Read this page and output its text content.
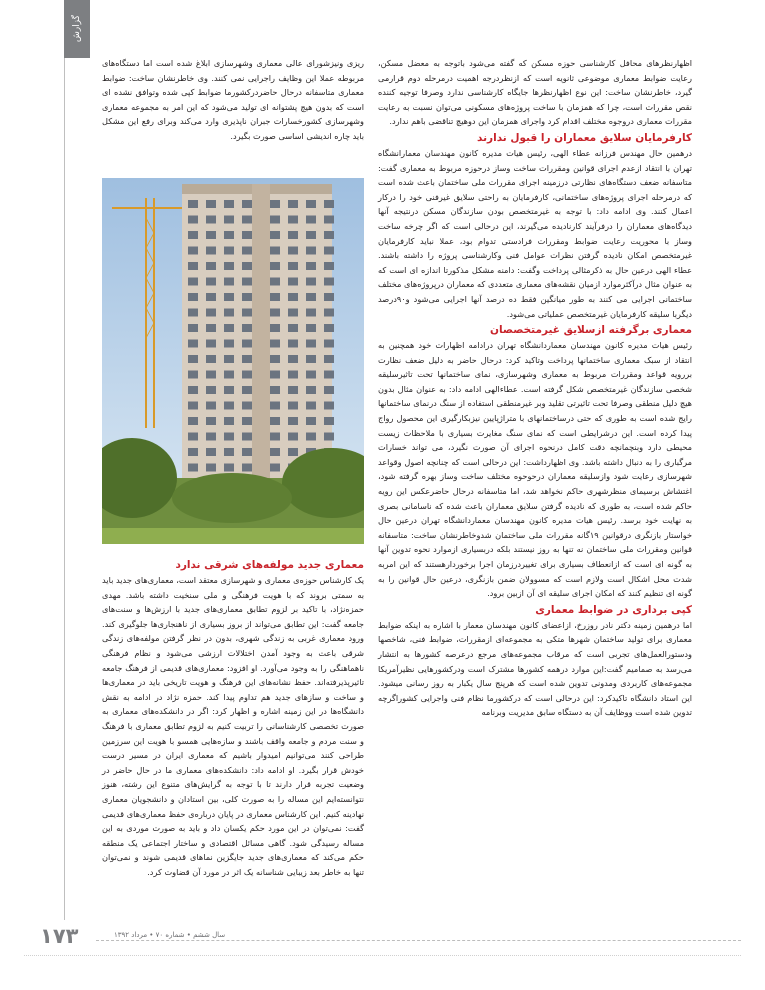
گزارش

اظهارنظرهای محافل کارشناسی حوزه مسکن که گفته می‌شود باتوجه به معضل مسکن، رعایت ضوابط معماری موضوعی ثانویه است که ازنظردرجه اهمیت درمرحله دوم قرارمی گیرد، خاطرنشان ساخت: این نوع اظهارنظرها جایگاه کارشناسی ندارد وصرفا توجیه کننده نقص مقررات است، چرا که همزمان با ساخت پروژه‌های مسکونی می‌توان نسبت به رعایت مقررات معماری دروجوه مختلف اقدام کرد واجرای همزمان این دوهیچ تناقضی باهم ندارد.

کارفرمایان سلایق معماران را قبول ندارند

درهمین حال مهندس فرزانه عطاء الهی، رئیس هیات مدیره کانون مهندسان معمارانشگاه تهران با انتقاد ازعدم اجرای قوانین ومقررات ساخت وساز درحوزه مربوط به معماری گفت: متاسفانه ضعف دستگاه‌های نظارتی درزمینه اجرای مقررات ملی ساختمان باعث شده است که درمرحله اجرای پروژه‌های ساختمانی، کارفرمایان به راحتی سلایق غیرفنی خود را درکار اعمال کنند. وی ادامه داد: با توجه به غیرمتخصص بودن سازندگان مسکن درنتیجه آنها دیدگاه‌های معماران را درفرآیند کارنادیده می‌گیرند، این درحالی است که اگر چرخه ساخت وساز با محوریت رعایت ضوابط ومقررات فرادستی تدوام بود، عملا نباید کارفرمایان غیرمتخصص امکان نادیده گرفتن نظرات عوامل فنی وکارشناسی پروژه را داشته باشند. عطاء الهی درعین حال به ذکرمثالی پرداخت وگفت: دامنه مشکل مذکورتا اندازه ای است که به عنوان مثال درآکثرموارد ازمیان نقشه‌های معماری متعددی که معماران درپروژه‌های مختلف ساختمانی اجرایی می کنند به طور میانگین فقط ده درصد آنها اجرایی می‌شود و۹۰درصد دیگربا سلیقه کارفرمایان غیرمتخصص عملیاتی می‌شود.

معماری برگرفته ازسلایق غیرمتخصصان

رئیس هیات مدیره کانون مهندسان معماردانشگاه تهران درادامه اظهارات خود همچنین به انتقاد از سبک معماری ساختمانها پرداخت وتاکید کرد: درحال حاضر به دلیل ضعف نظارت بررویه قواعد ومقررات مربوط به معماری وشهرسازی، نمای ساختمانها تحت تاثیرسلیقه شخصی سازندگان غیرمتخصص شکل گرفته است. عطاءالهی ادامه داد: به عنوان مثال بدون هیچ دلیل منطقی وصرفا تحت تاثیرتی تقلید وبر غیرمنطقی استفاده از سنگ درنمای ساختمانها رایج شده است به طوری که حتی درساختمانهای با متراژپایین نیزبکارگیری این محصول رواج پیدا کرده است. این درشرایطی است که نمای سنگ مغایرت بسیاری با ملاحظات زیست محیطی دارد وبنچمانچه دقت کامل درنحوه اجرای آن صورت نگیرد، می تواند خسارات مرگباری را به دنبال داشته باشد. وی اظهارداشت: این درحالی است که چنانچه اصول وقواعد شهرسازی رعایت شود وازسلیقه معماران درحوحوه مختلف ساخت وساز بهره گرفته شود، اغتشاش برسیمای منظرشهری حاکم نخواهد شد، اما متاسفانه درحال حاضرعکس این رویه حاکم شده است، به طوری که نادیده گرفتن سلایق معماران باعث شده که ناسامانی بصری به نهایت خود برسد. رئیس هیات مدیره کانون مهندسان معماردانشگاه تهران درعین حال خواستار بازنگری درقوانین ۱۹گانه مقررات ملی ساختمان شدوخاطرنشان ساخت: متاسفانه قوانین ومقررات ملی ساختمان نه تنها به روز نیستند بلکه دربسیاری ازموارد نحوه تدوین آنها به گونه ای است که ازانعطاف بسیاری برای تغییردرزمان اجرا برخوردارهستند که این امربه شدت محل اشکال است ولازم است که مسوولان ضمن بازنگری، درعین حال قوانین را به گونه ای تنظیم کنند که امکان اجرای سلیقه ای آن ازبین برود.

کپی برداری در ضوابط معماری

اما درهمین زمینه دکتر نادر روزرخ، ازاعضای کانون مهندسان معمار با اشاره به اینکه ضوابط معماری برای تولید ساختمان شهرها متکی به مجموعه‌ای ازمقررات، ضوابط فنی، شاخصها ودستورالعمل‌های تجربی است که مرقاب مجموعه‌های مرجع درعرصه کشورها به انتشار می‌رسد به صمامیم گفت:این موارد درهمه کشورها مشترک است ودرکشورهایی نظیرآمریکا مجموعه‌های کاربردی ومدونی تدوین شده است که هرپنج سال یکبار به روز رسانی میشود. این استاد دانشگاه تاکیدکرد: این درحالی است که درکشورما نظام فنی واجرایی کشوراگرچه تدوین شده است ووظایف آن به دستگاه سابق مدیریت وبرنامه

ریزی ونیزشورای عالی معماری وشهرسازی ابلاغ شده است اما دستگاه‌های مربوطه عملا این وظایف راجرایی نمی کنند. وی خاطرنشان ساخت: ضوابط معماری متاسفانه درحال حاضردرکشورما ضوابط کپی شده وتوافق نشده ای است که بدون هیچ پشتوانه ای تولید می‌شود که این امر به مجموعه معماری وشهرسازی کشورخسارات جبران ناپذیری وارد می‌کند وبرای رفع این مشکل باید چاره اندیشی اساسی صورت بگیرد.

معماری جدید مولفه‌های شرقی ندارد

یک کارشناس حوزه‌ی معماری و شهرسازی معتقد است، معماری‌های جدید باید به سمتی بروند که با هویت فرهنگی و ملی سنخیت داشته باشد. مهدی حمزه‌نژاد، با تاکید بر لزوم تطابق معماری‌های جدید با ارزش‌ها و سنت‌های جامعه گفت: این تطابق می‌تواند از بروز بسیاری از ناهنجاری‌ها جلوگیری کند. ورود معماری غربی به زندگی شهری، بدون در نظر گرفتن مولفه‌های زندگی شرقی باعث به وجود آمدن اختلالات ارزشی می‌شود و نظام فرهنگی ناهماهنگی را به وجود می‌آورد. او افزود: معماری‌های قدیمی از فرهنگ جامعه تاثیرپذیرفته‌اند. حفظ نشانه‌های این فرهنگ و هویت تاریخی باید در معماری‌ها و ساخت و سازهای جدید هم تداوم پیدا کند. حمزه نژاد در ادامه به نقش دانشگاه‌ها در این زمینه اشاره و اظهار کرد: اگر در دانشکده‌های معماری به صورت تخصصی کارشناسانی را تربیت کنیم به لزوم تطابق معماری با فرهنگ و سنت مردم و جامعه واقف باشند و سازه‌هایی همسو با هویت این سرزمین طراحی کنند می‌توانیم امیدوار باشیم که معماری ایران در مسیر درست خودش قرار بگیرد. او ادامه داد: دانشکده‌های معماری ما در حال حاضر در وضعیت تجربه قرار دارند تا با توجه به گرایش‌های متنوع این رشته، هنوز نتوانسته‌ایم این مساله را به صورت کلی، بین استادان و دانشجویان معماری نهادینه کنیم. این کارشناس معماری در پایان درباره‌ی حفظ معماری‌های قدیمی گفت: نمی‌توان در این مورد حکم یکسان داد و باید به صورت موردی به این مساله رسیدگی شود. گاهی مسائل اقتصادی و ساختار اجتماعی یک منطقه حکم می‌کند که معماری‌های جدید جایگزین نماهای قدیمی شوند و نمی‌توان تنها به خاطر بعد زیبایی شناسانه یک اثر در مورد آن قضاوت کرد.

۱۷۳	سال ششم • شماره ۷۰ • مرداد ۱۳۹۲
